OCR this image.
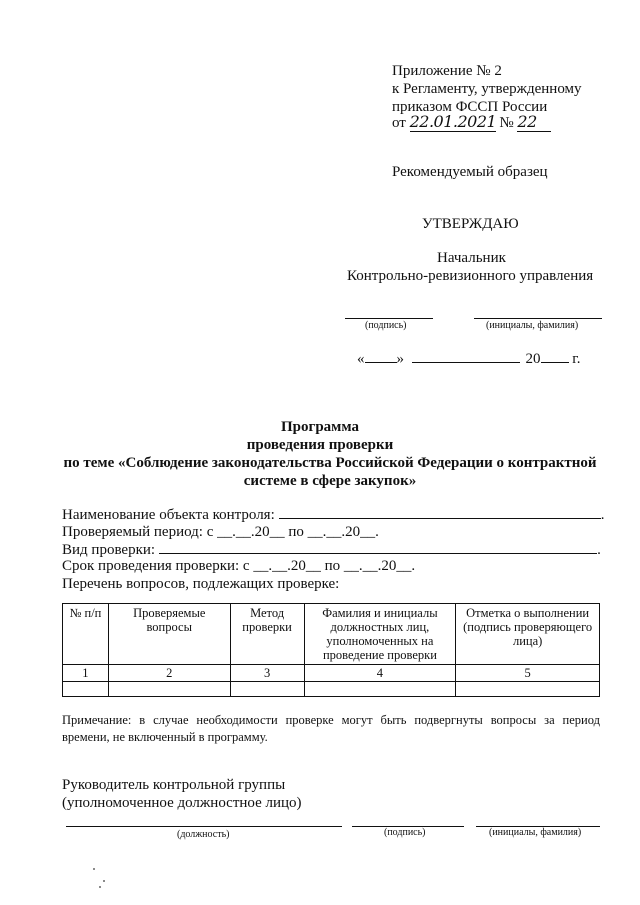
Приложение № 2
к Регламенту, утвержденному
приказом ФССП России
от 22.01.2021 № 22
Рекомендуемый образец
УТВЕРЖДАЮ
Начальник
Контрольно-ревизионного управления
(подпись)	(инициалы, фамилия)
« »	20 г.
Программа
проведения проверки
по теме «Соблюдение законодательства Российской Федерации о контрактной
системе в сфере закупок»
Наименование объекта контроля:	.
Проверяемый период: с __.__.20__ по __.__.20__.
Вид проверки:	.
Срок проведения проверки: с __.__.20__ по __.__.20__.
Перечень вопросов, подлежащих проверке:
№ п/п	Проверяемые вопросы	Метод проверки	Фамилия и инициалы должностных лиц, уполномоченных на проведение проверки	Отметка о выполнении (подпись проверяющего лица)
1	2	3	4	5

Примечание: в случае необходимости проверке могут быть подвергнуты вопросы за период времени, не включенный в программу.
Руководитель контрольной группы
(уполномоченное должностное лицо)
(должность)	(подпись)	(инициалы, фамилия)
